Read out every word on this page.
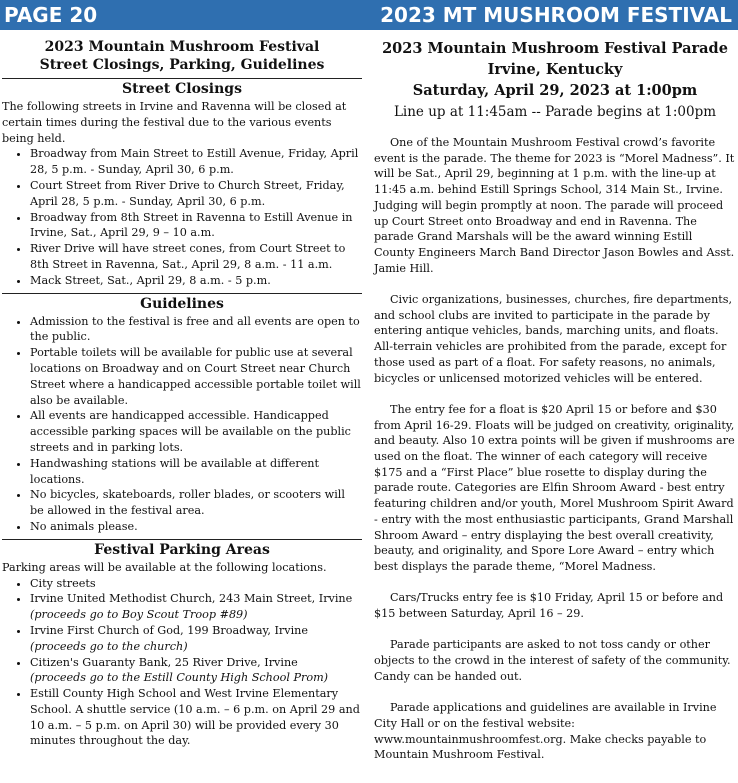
PAGE 20	2023 MT MUSHROOM FESTIVAL
2023 Mountain Mushroom Festival
Street Closings, Parking, Guidelines
Street Closings

The following streets in Irvine and Ravenna will be closed at certain times during the festival due to the various events being held.

• Broadway from Main Street to Estill Avenue, Friday, April 28, 5 p.m. - Sunday, April 30, 6 p.m.
• Court Street from River Drive to Church Street, Friday, April 28, 5 p.m. - Sunday, April 30, 6 p.m.
• Broadway from 8th Street in Ravenna to Estill Avenue in Irvine, Sat., April 29, 9 – 10 a.m.
• River Drive will have street cones, from Court Street to 8th Street in Ravenna, Sat., April 29, 8 a.m. - 11 a.m.
• Mack Street, Sat., April 29, 8 a.m. - 5 p.m.
Guidelines
• Admission to the festival is free and all events are open to the public.
• Portable toilets will be available for public use at several locations on Broadway and on Court Street near Church Street where a handicapped accessible portable toilet will also be available.
• All events are handicapped accessible. Handicapped accessible parking spaces will be available on the public streets and in parking lots.
• Handwashing stations will be available at different locations.
• No bicycles, skateboards, roller blades, or scooters will be allowed in the festival area.
• No animals please.
Festival Parking Areas

Parking areas will be available at the following locations.

• City streets
• Irvine United Methodist Church, 243 Main Street, Irvine
(proceeds go to Boy Scout Troop #89)
• Irvine First Church of God, 199 Broadway, Irvine
(proceeds go to the church)
• Citizen's Guaranty Bank, 25 River Drive, Irvine
(proceeds go to the Estill County High School Prom)
• Estill County High School and West Irvine Elementary School. A shuttle service (10 a.m. – 6 p.m. on April 29 and 10 a.m. – 5 p.m. on April 30) will be provided every 30 minutes throughout the day.
2023 Mountain Mushroom Festival Parade
Irvine, Kentucky
Saturday, April 29, 2023 at 1:00pm
Line up at 11:45am -- Parade begins at 1:00pm

One of the Mountain Mushroom Festival crowd’s favorite event is the parade. The theme for 2023 is “Morel Madness”. It will be Sat., April 29, beginning at 1 p.m. with the line-up at 11:45 a.m. behind Estill Springs School, 314 Main St., Irvine. Judging will begin promptly at noon. The parade will proceed up Court Street onto Broadway and end in Ravenna. The parade Grand Marshals will be the award winning Estill County Engineers March Band Director Jason Bowles and Asst. Jamie Hill.

Civic organizations, businesses, churches, fire departments, and school clubs are invited to participate in the parade by entering antique vehicles, bands, marching units, and floats. All-terrain vehicles are prohibited from the parade, except for those used as part of a float. For safety reasons, no animals, bicycles or unlicensed motorized vehicles will be entered.

The entry fee for a float is $20 April 15 or before and $30 from April 16-29. Floats will be judged on creativity, originality, and beauty. Also 10 extra points will be given if mushrooms are used on the float. The winner of each category will receive $175 and a “First Place” blue rosette to display during the parade route. Categories are Elfin Shroom Award - best entry featuring children and/or youth, Morel Mushroom Spirit Award - entry with the most enthusiastic participants, Grand Marshall Shroom Award – entry displaying the best overall creativity, beauty, and originality, and Spore Lore Award – entry which best displays the parade theme, “Morel Madness.

Cars/Trucks entry fee is $10 Friday, April 15 or before and $15 between Saturday, April 16 – 29.

Parade participants are asked to not toss candy or other objects to the crowd in the interest of safety of the community. Candy can be handed out.

Parade applications and guidelines are available in Irvine City Hall or on the festival website: www.mountainmushroomfest.org. Make checks payable to Mountain Mushroom Festival.
